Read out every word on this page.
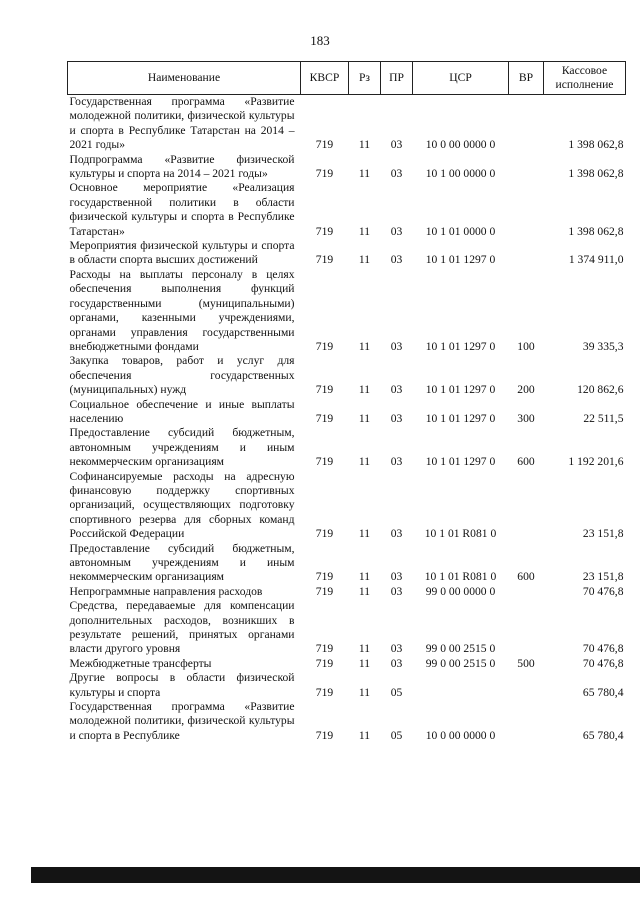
183
Наименование	КВСР	Рз	ПР	ЦСР	ВР	Кассовое исполнение
Государственная программа «Развитие молодежной политики, физической культуры и спорта в Республике Татарстан на 2014 – 2021 годы»	719	11	03	10 0 00 0000 0		1 398 062,8
Подпрограмма «Развитие физической культуры и спорта на 2014 – 2021 годы»	719	11	03	10 1 00 0000 0		1 398 062,8
Основное мероприятие «Реализация государственной политики в области физической культуры и спорта в Республике Татарстан»	719	11	03	10 1 01 0000 0		1 398 062,8
Мероприятия физической культуры и спорта в области спорта высших достижений	719	11	03	10 1 01 1297 0		1 374 911,0
Расходы на выплаты персоналу в целях обеспечения выполнения функций государственными (муниципальными) органами, казенными учреждениями, органами управления государственными внебюджетными фондами	719	11	03	10 1 01 1297 0	100	39 335,3
Закупка товаров, работ и услуг для обеспечения государственных (муниципальных) нужд	719	11	03	10 1 01 1297 0	200	120 862,6
Социальное обеспечение и иные выплаты населению	719	11	03	10 1 01 1297 0	300	22 511,5
Предоставление субсидий бюджетным, автономным учреждениям и иным некоммерческим организациям	719	11	03	10 1 01 1297 0	600	1 192 201,6
Софинансируемые расходы на адресную финансовую поддержку спортивных организаций, осуществляющих подготовку спортивного резерва для сборных команд Российской Федерации	719	11	03	10 1 01 R081 0		23 151,8
Предоставление субсидий бюджетным, автономным учреждениям и иным некоммерческим организациям	719	11	03	10 1 01 R081 0	600	23 151,8
Непрограммные направления расходов	719	11	03	99 0 00 0000 0		70 476,8
Средства, передаваемые для компенсации дополнительных расходов, возникших в результате решений, принятых органами власти другого уровня	719	11	03	99 0 00 2515 0		70 476,8
Межбюджетные трансферты	719	11	03	99 0 00 2515 0	500	70 476,8
Другие вопросы в области физической культуры и спорта	719	11	05			65 780,4
Государственная программа «Развитие молодежной политики, физической культуры и спорта в Республике	719	11	05	10 0 00 0000 0		65 780,4
